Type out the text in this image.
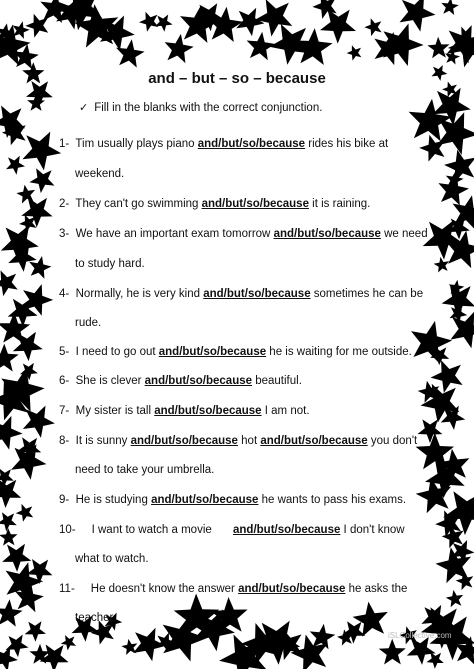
and – but – so – because
✓ Fill in the blanks with the correct conjunction.
1- Tim usually plays piano and/but/so/because rides his bike at
weekend.
2- They can't go swimming and/but/so/because it is raining.
3- We have an important exam tomorrow and/but/so/because we need
to study hard.
4- Normally, he is very kind and/but/so/because sometimes he can be
rude.
5- I need to go out and/but/so/because he is waiting for me outside.
6- She is clever and/but/so/because beautiful.
7- My sister is tall and/but/so/because I am not.
8- It is sunny and/but/so/because hot and/but/so/because you don't
need to take your umbrella.
9- He is studying and/but/so/because he wants to pass his exams.
10- I want to watch a movie and/but/so/because I don't know
what to watch.
11- He doesn't know the answer and/but/so/because he asks the
teacher.
iSLCollective.com
